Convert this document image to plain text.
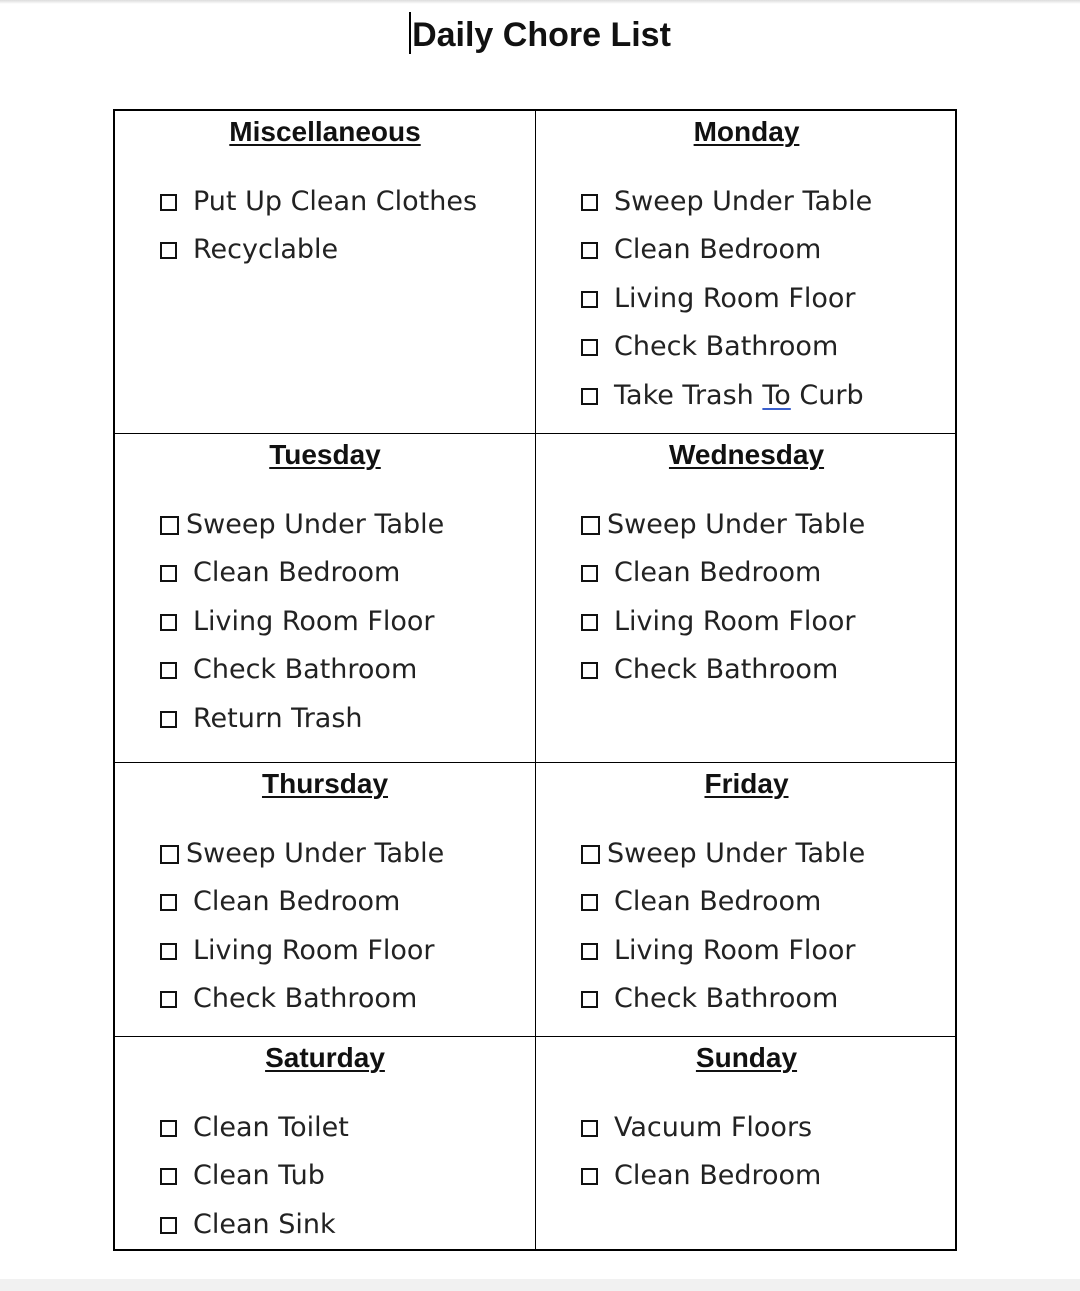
Daily Chore List
Miscellaneous
Put Up Clean Clothes
Recyclable
Monday
Sweep Under Table
Clean Bedroom
Living Room Floor
Check Bathroom
Take Trash To Curb
Tuesday
Sweep Under Table
Clean Bedroom
Living Room Floor
Check Bathroom
Return Trash
Wednesday
Sweep Under Table
Clean Bedroom
Living Room Floor
Check Bathroom
Thursday
Sweep Under Table
Clean Bedroom
Living Room Floor
Check Bathroom
Friday
Sweep Under Table
Clean Bedroom
Living Room Floor
Check Bathroom
Saturday
Clean Toilet
Clean Tub
Clean Sink
Sunday
Vacuum Floors
Clean Bedroom
